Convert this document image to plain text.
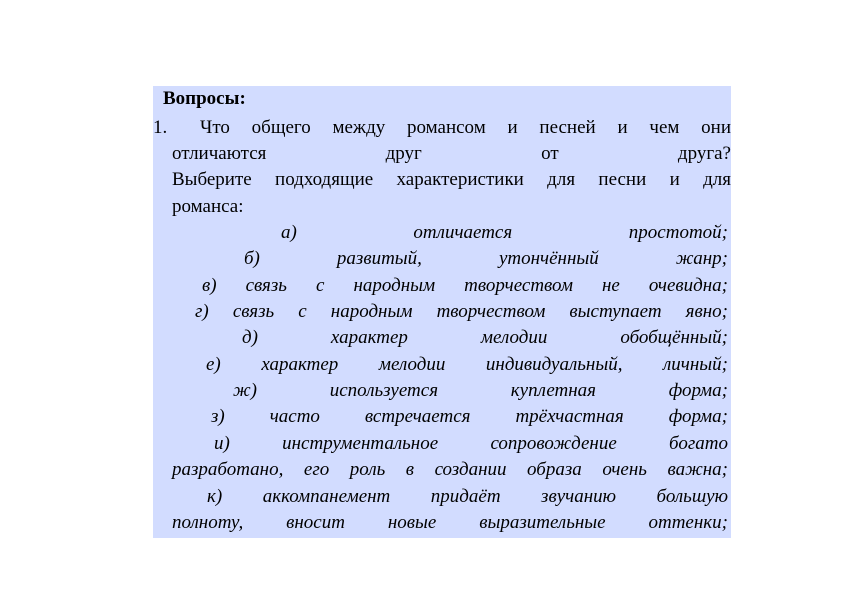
Вопросы:
1. Что общего между романсом и песней и чем они
отличаются друг от друга?
Выберите подходящие характеристики для песни и для
романса:
а) отличается простотой;
б) развитый, утончённый жанр;
в) связь с народным творчеством не очевидна;
г) связь с народным творчеством выступает явно;
д) характер мелодии обобщённый;
е) характер мелодии индивидуальный, личный;
ж) используется куплетная форма;
з) часто встречается трёхчастная форма;
и) инструментальное сопровождение богато
разработано, его роль в создании образа очень важна;
к) аккомпанемент придаёт звучанию большую
полноту, вносит новые выразительные оттенки;
